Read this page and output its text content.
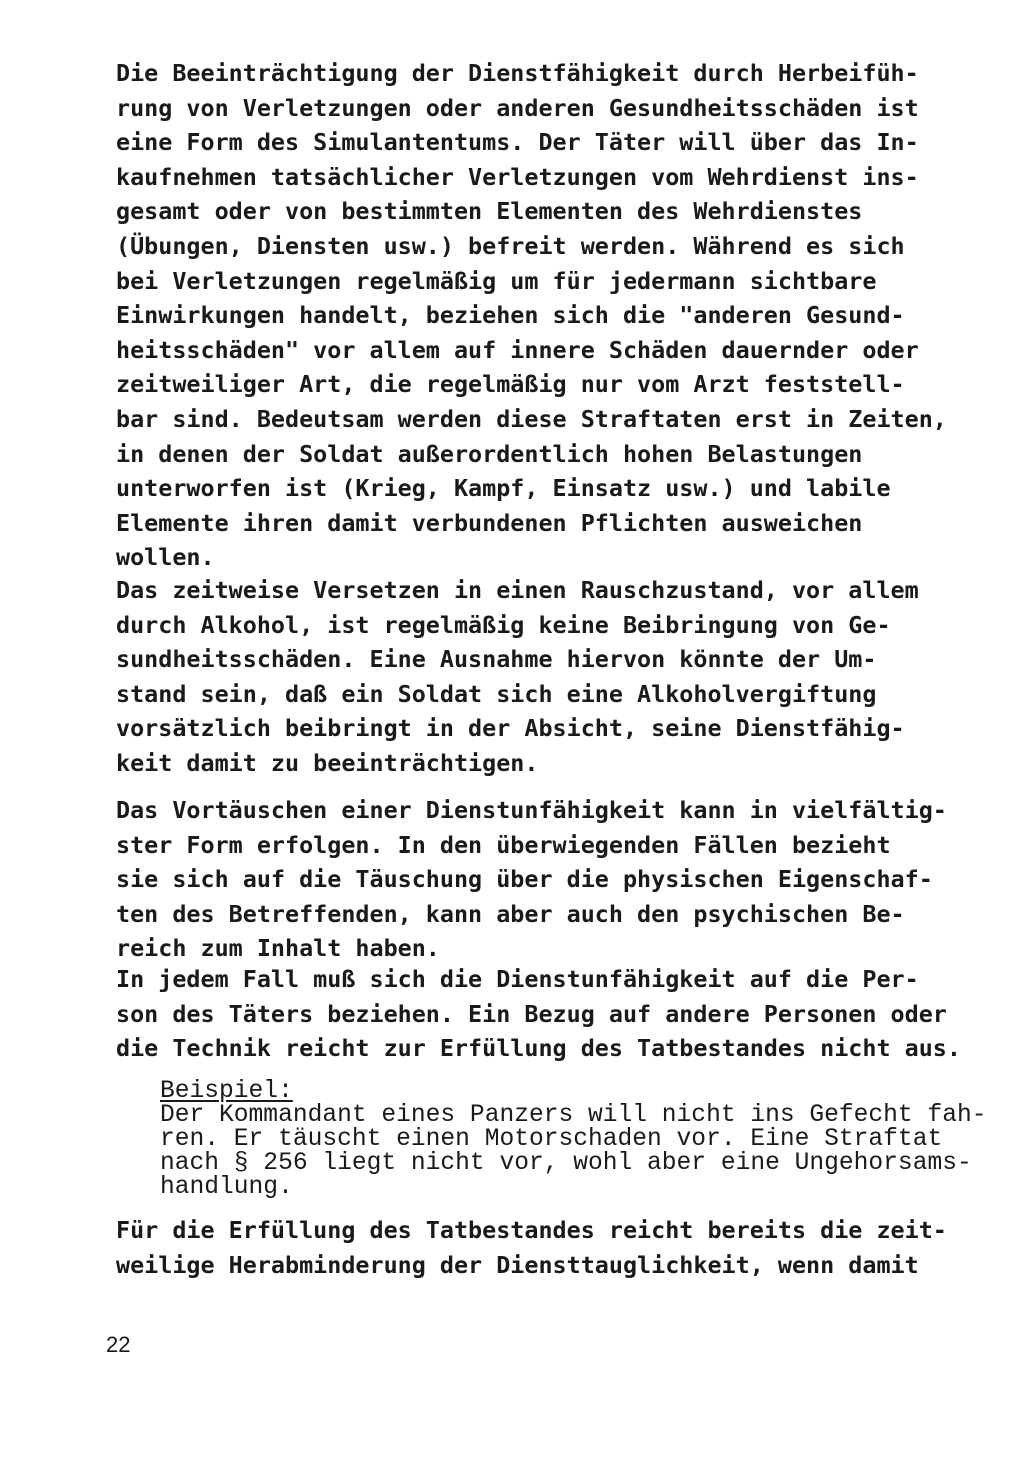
Die Beeinträchtigung der Dienstfähigkeit durch Herbeifüh-
rung von Verletzungen oder anderen Gesundheitsschäden ist
eine Form des Simulantentums. Der Täter will über das In-
kaufnehmen tatsächlicher Verletzungen vom Wehrdienst ins-
gesamt oder von bestimmten Elementen des Wehrdienstes
(Übungen, Diensten usw.) befreit werden. Während es sich
bei Verletzungen regelmäßig um für jedermann sichtbare
Einwirkungen handelt, beziehen sich die "anderen Gesund-
heitsschäden" vor allem auf innere Schäden dauernder oder
zeitweiliger Art, die regelmäßig nur vom Arzt feststell-
bar sind. Bedeutsam werden diese Straftaten erst in Zeiten,
in denen der Soldat außerordentlich hohen Belastungen
unterworfen ist (Krieg, Kampf, Einsatz usw.) und labile
Elemente ihren damit verbundenen Pflichten ausweichen
wollen.
Das zeitweise Versetzen in einen Rauschzustand, vor allem
durch Alkohol, ist regelmäßig keine Beibringung von Ge-
sundheitsschäden. Eine Ausnahme hiervon könnte der Um-
stand sein, daß ein Soldat sich eine Alkoholvergiftung
vorsätzlich beibringt in der Absicht, seine Dienstfähig-
keit damit zu beeinträchtigen.
Das Vortäuschen einer Dienstunfähigkeit kann in vielfältig-
ster Form erfolgen. In den überwiegenden Fällen bezieht
sie sich auf die Täuschung über die physischen Eigenschaf-
ten des Betreffenden, kann aber auch den psychischen Be-
reich zum Inhalt haben.
In jedem Fall muß sich die Dienstunfähigkeit auf die Per-
son des Täters beziehen. Ein Bezug auf andere Personen oder
die Technik reicht zur Erfüllung des Tatbestandes nicht aus.
Beispiel:
Der Kommandant eines Panzers will nicht ins Gefecht fah-
ren. Er täuscht einen Motorschaden vor. Eine Straftat
nach § 256 liegt nicht vor, wohl aber eine Ungehorsams-
handlung.
Für die Erfüllung des Tatbestandes reicht bereits die zeit-
weilige Herabminderung der Diensttauglichkeit, wenn damit
22
